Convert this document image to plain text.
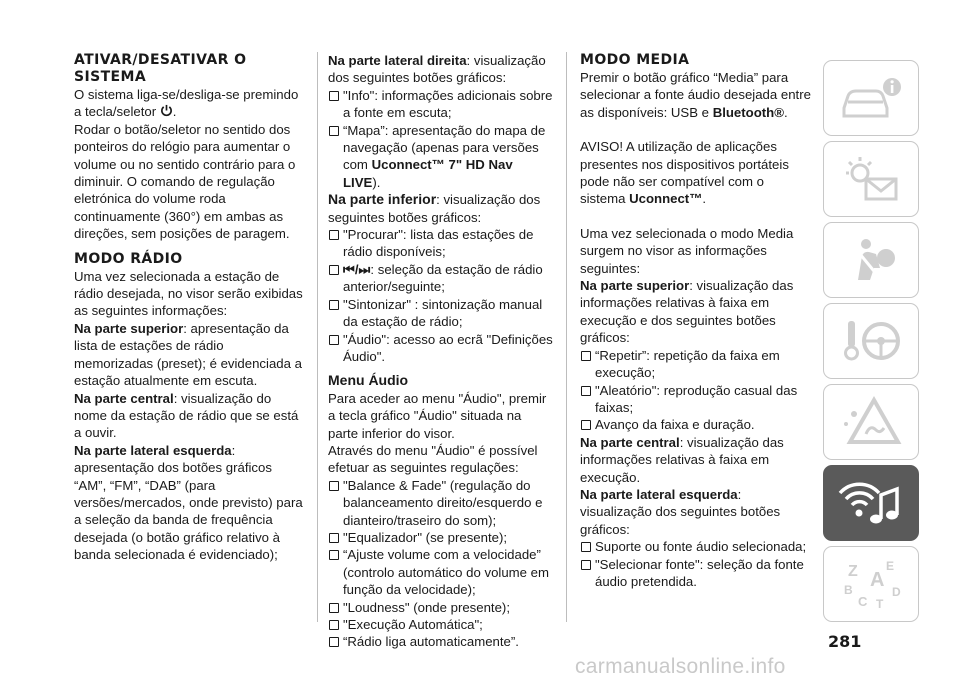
ATIVAR/DESATIVAR O SISTEMA

O sistema liga-se/desliga-se premindo a tecla/seletor .

Rodar o botão/seletor no sentido dos ponteiros do relógio para aumentar o volume ou no sentido contrário para o diminuir. O comando de regulação eletrónica do volume roda continuamente (360°) em ambas as direções, sem posições de paragem.

MODO RÁDIO

Uma vez selecionada a estação de rádio desejada, no visor serão exibidas as seguintes informações:

Na parte superior: apresentação da lista de estações de rádio memorizadas (preset); é evidenciada a estação atualmente em escuta.

Na parte central: visualização do nome da estação de rádio que se está a ouvir.

Na parte lateral esquerda: apresentação dos botões gráficos “AM”, “FM”, “DAB” (para versões/mercados, onde previsto) para a seleção da banda de frequência desejada (o botão gráfico relativo à banda selecionada é evidenciado);

Na parte lateral direita: visualização dos seguintes botões gráficos:

"Info": informações adicionais sobre a fonte em escuta;

“Mapa”: apresentação do mapa de navegação (apenas para versões com Uconnect™ 7" HD Nav LIVE).

Na parte inferior: visualização dos seguintes botões gráficos:

"Procurar": lista das estações de rádio disponíveis;

⏮/⏭: seleção da estação de rádio anterior/seguinte;

"Sintonizar" : sintonização manual da estação de rádio;

"Áudio": acesso ao ecrã "Definições Áudio".

Menu Áudio

Para aceder ao menu "Áudio", premir a tecla gráfico "Áudio" situada na parte inferior do visor.

Através do menu "Áudio" é possível efetuar as seguintes regulações:

"Balance & Fade" (regulação do balanceamento direito/esquerdo e dianteiro/traseiro do som);

"Equalizador" (se presente);

“Ajuste volume com a velocidade” (controlo automático do volume em função da velocidade);

"Loudness" (onde presente);

"Execução Automática";

“Rádio liga automaticamente”.

MODO MEDIA

Premir o botão gráfico “Media” para selecionar a fonte áudio desejada entre as disponíveis: USB e Bluetooth®.

AVISO! A utilização de aplicações presentes nos dispositivos portáteis pode não ser compatível com o sistema Uconnect™.

Uma vez selecionada o modo Media surgem no visor as informações seguintes:

Na parte superior: visualização das informações relativas à faixa em execução e dos seguintes botões gráficos:

“Repetir”: repetição da faixa em execução;

"Aleatório": reprodução casual das faixas;

Avanço da faixa e duração.

Na parte central: visualização das informações relativas à faixa em execução.

Na parte lateral esquerda: visualização dos seguintes botões gráficos:

Suporte ou fonte áudio selecionada;

"Selecionar fonte": seleção da fonte áudio pretendida.

Z E
A
B
C
D
T
281
carmanualsonline.info
